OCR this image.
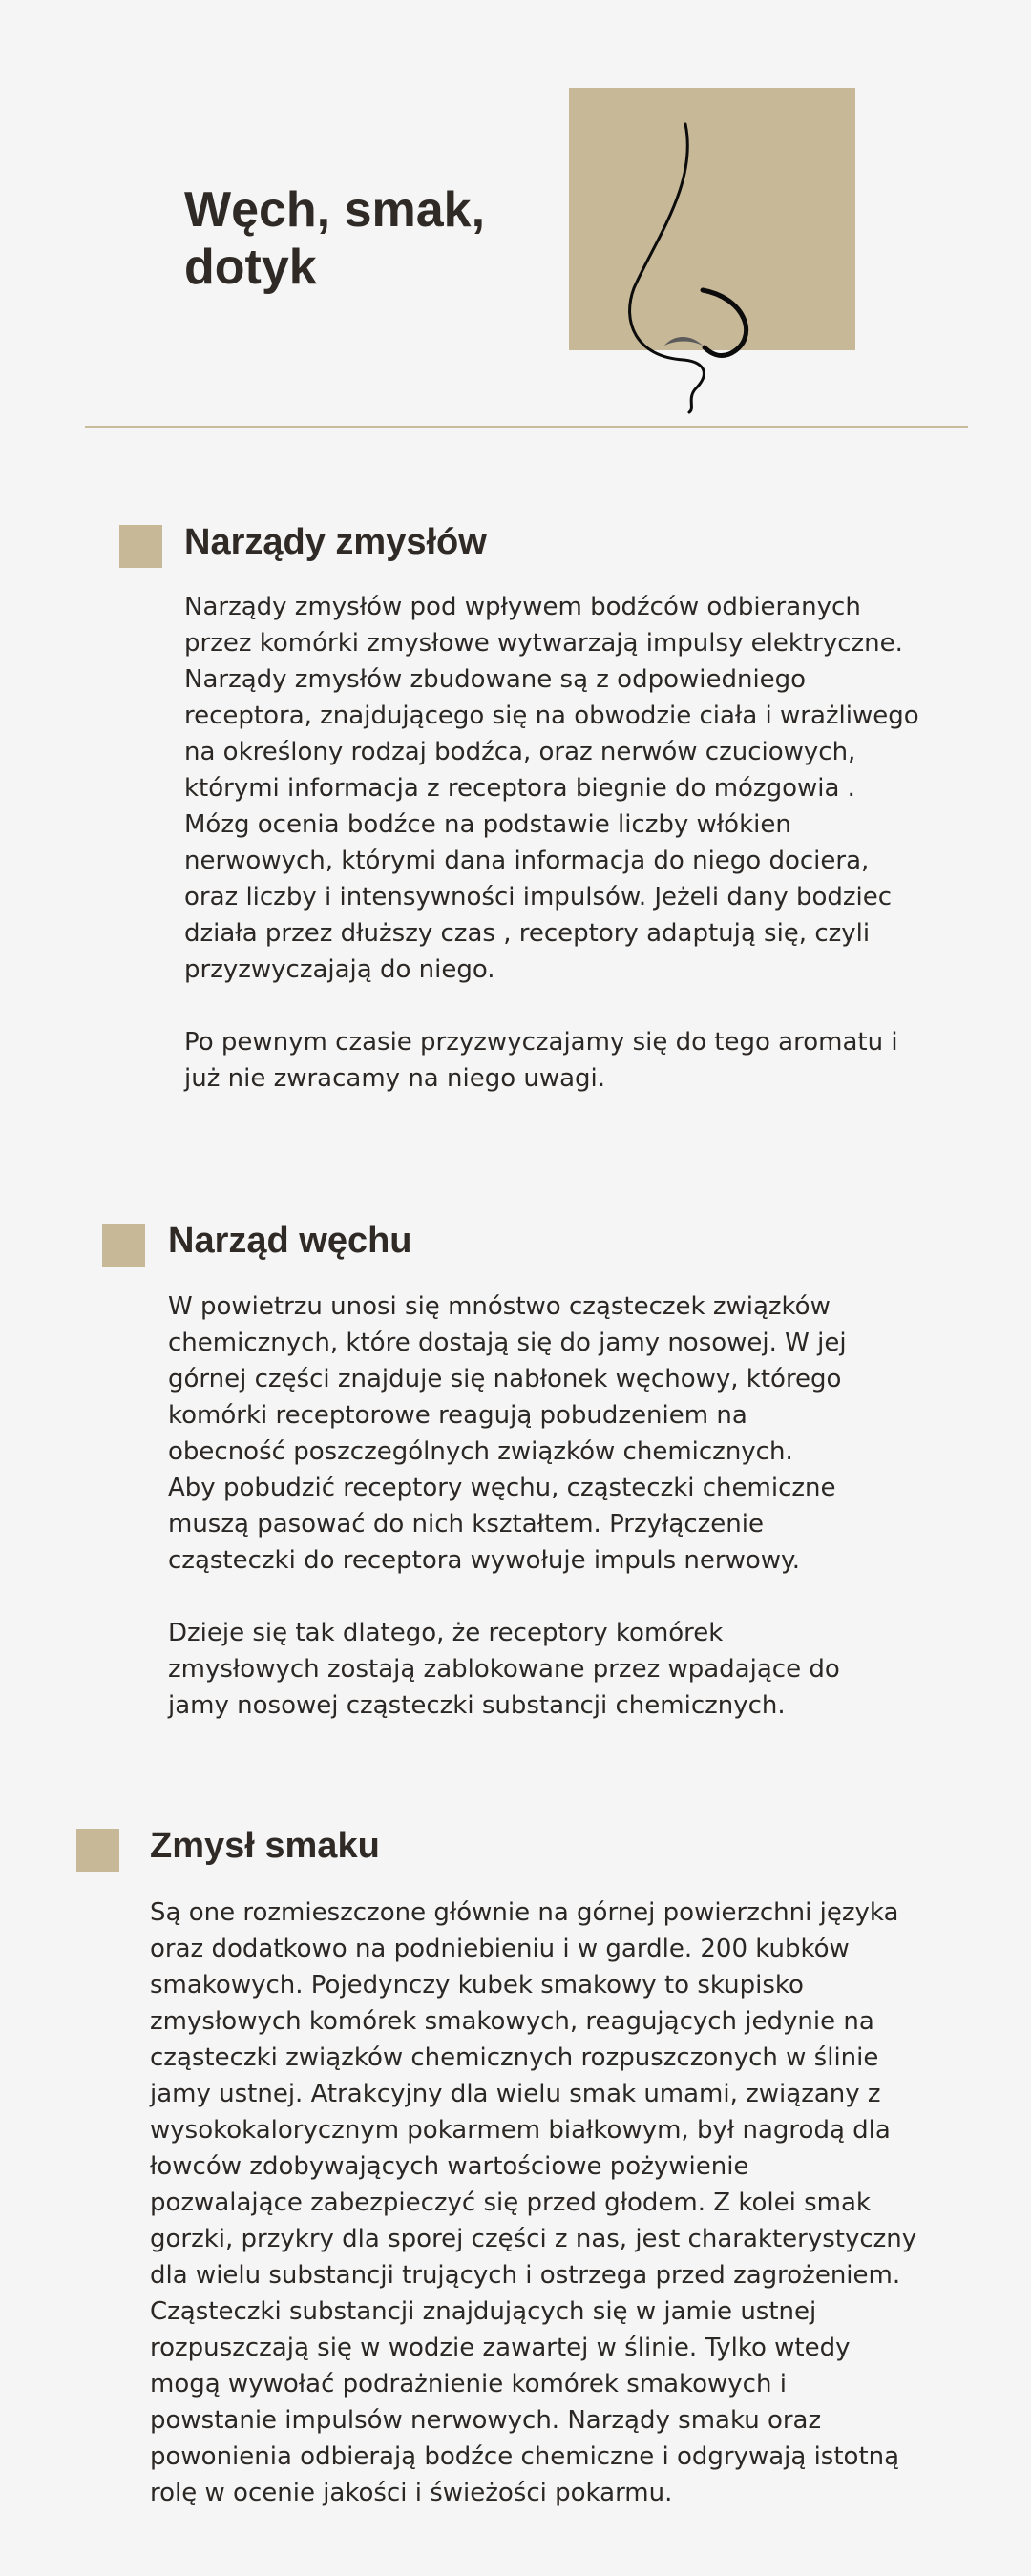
Węch, smak, dotyk
Narządy zmysłów

Narządy zmysłów pod wpływem bodźców odbieranych
przez komórki zmysłowe wytwarzają impulsy elektryczne.
Narządy zmysłów zbudowane są z odpowiedniego
receptora, znajdującego się na obwodzie ciała i wrażliwego
na określony rodzaj bodźca, oraz nerwów czuciowych,
którymi informacja z receptora biegnie do mózgowia .
Mózg ocenia bodźce na podstawie liczby włókien
nerwowych, którymi dana informacja do niego dociera,
oraz liczby i intensywności impulsów. Jeżeli dany bodziec
działa przez dłuższy czas , receptory adaptują się, czyli
przyzwyczajają do niego.

Po pewnym czasie przyzwyczajamy się do tego aromatu i
już nie zwracamy na niego uwagi.

Narząd węchu

W powietrzu unosi się mnóstwo cząsteczek związków
chemicznych, które dostają się do jamy nosowej. W jej
górnej części znajduje się nabłonek węchowy, którego
komórki receptorowe reagują pobudzeniem na
obecność poszczególnych związków chemicznych.
Aby pobudzić receptory węchu, cząsteczki chemiczne
muszą pasować do nich kształtem. Przyłączenie
cząsteczki do receptora wywołuje impuls nerwowy.

Dzieje się tak dlatego, że receptory komórek
zmysłowych zostają zablokowane przez wpadające do
jamy nosowej cząsteczki substancji chemicznych.

Zmysł smaku

Są one rozmieszczone głównie na górnej powierzchni języka
oraz dodatkowo na podniebieniu i w gardle. 200 kubków
smakowych. Pojedynczy kubek smakowy to skupisko
zmysłowych komórek smakowych, reagujących jedynie na
cząsteczki związków chemicznych rozpuszczonych w ślinie
jamy ustnej. Atrakcyjny dla wielu smak umami, związany z
wysokokalorycznym pokarmem białkowym, był nagrodą dla
łowców zdobywających wartościowe pożywienie
pozwalające zabezpieczyć się przed głodem. Z kolei smak
gorzki, przykry dla sporej części z nas, jest charakterystyczny
dla wielu substancji trujących i ostrzega przed zagrożeniem.
Cząsteczki substancji znajdujących się w jamie ustnej
rozpuszczają się w wodzie zawartej w ślinie. Tylko wtedy
mogą wywołać podrażnienie komórek smakowych i
powstanie impulsów nerwowych. Narządy smaku oraz
powonienia odbierają bodźce chemiczne i odgrywają istotną
rolę w ocenie jakości i świeżości pokarmu.
